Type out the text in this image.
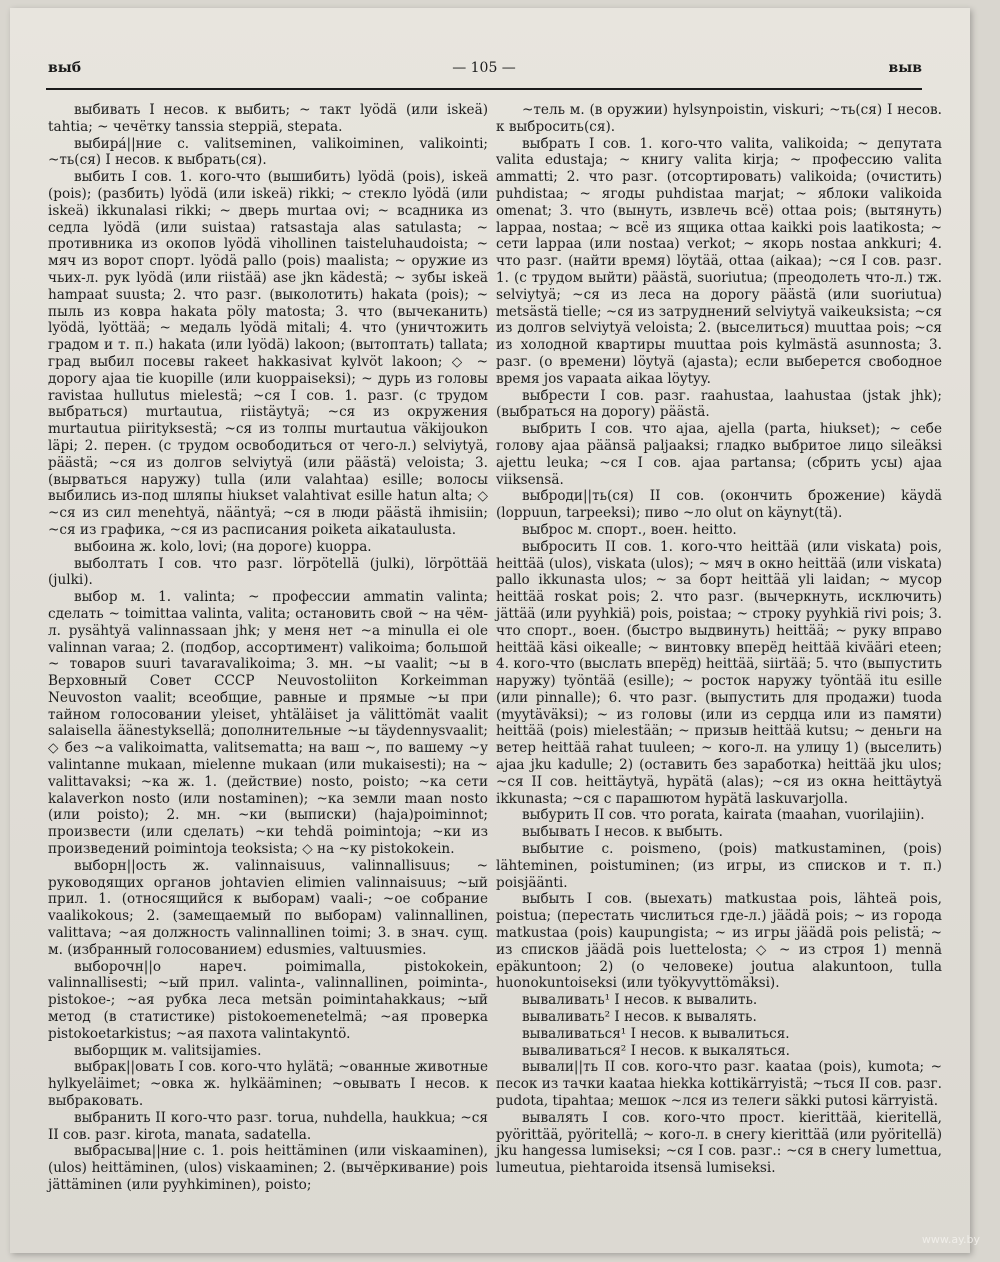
выб	— 105 —	выв

выбивать I несов. к выбить; ~ такт lyödä (или iskeä) tahtia; ~ чечётку tanssia steppiä, stepata.

выбира́||ние с. valitseminen, valikoiminen, valikointi; ~ть(ся) I несов. к выбрать(ся).

выбить I сов. 1. кого-что (вышибить) lyödä (pois), iskeä (pois); (разбить) lyödä (или iskeä) rikki; ~ стекло lyödä (или iskeä) ikkunalasi rikki; ~ дверь murtaa ovi; ~ всадника из седла lyödä (или suistaa) ratsastaja alas satulasta; ~ противника из окопов lyödä vihollinen taisteluhaudoista; ~ мяч из ворот спорт. lyödä pallo (pois) maalista; ~ оружие из чьих-л. рук lyödä (или riistää) ase jkn kädestä; ~ зубы iskeä hampaat suusta; 2. что разг. (выколотить) hakata (pois); ~ пыль из ковра hakata pöly matosta; 3. что (вычеканить) lyödä, lyöttää; ~ медаль lyödä mitali; 4. что (уничтожить градом и т. п.) hakata (или lyödä) lakoon; (вытоптать) tallata; град выбил посевы rakeet hakkasivat kylvöt lakoon; ◇ ~ дорогу ajaa tie kuopille (или kuoppaiseksi); ~ дурь из головы ravistaa hullutus mielestä; ~ся I сов. 1. разг. (с трудом выбраться) murtautua, riistäytyä; ~ся из окружения murtautua piirityksestä; ~ся из толпы murtautua väkijoukon läpi; 2. перен. (с трудом освободиться от чего-л.) selviytyä, päästä; ~ся из долгов selviytyä (или päästä) veloista; 3. (вырваться наружу) tulla (или valahtaa) esille; волосы выбились из-под шляпы hiukset valahtivat esille hatun alta; ◇ ~ся из сил menehtyä, nääntyä; ~ся в люди päästä ihmisiin; ~ся из графика, ~ся из расписания poiketa aikataulusta.

выбоина ж. kolo, lovi; (на дороге) kuoppa.

выболтать I сов. что разг. lörpötellä (julki), lörpöttää (julki).

выбор м. 1. valinta; ~ профессии ammatin valinta; сделать ~ toimittaa valinta, valita; остановить свой ~ на чём-л. pysähtyä valinnassaan jhk; у меня нет ~а minulla ei ole valinnan varaa; 2. (подбор, ассортимент) valikoima; большой ~ товаров suuri tavaravalikoima; 3. мн. ~ы vaalit; ~ы в Верховный Совет СССР Neuvostoliiton Korkeimman Neuvoston vaalit; всеобщие, равные и прямые ~ы при тайном голосовании yleiset, yhtäläiset ja välittömät vaalit salaisella äänestyksellä; дополнительные ~ы täydennysvaalit; ◇ без ~а valikoimatta, valitsematta; на ваш ~, по вашему ~у valintanne mukaan, mielenne mukaan (или mukaisesti); на ~ valittavaksi; ~ка ж. 1. (действие) nosto, poisto; ~ка сети kalaverkon nosto (или nostaminen); ~ка земли maan nosto (или poisto); 2. мн. ~ки (выписки) (haja)poiminnot; произвести (или сделать) ~ки tehdä poimintoja; ~ки из произведений poimintoja teoksista; ◇ на ~ку pistokokein.

выборн||ость ж. valinnaisuus, valinnallisuus; ~ руководящих органов johtavien elimien valinnaisuus; ~ый прил. 1. (относящийся к выборам) vaali-; ~ое собрание vaalikokous; 2. (замещаемый по выборам) valinnallinen, valittava; ~ая должность valinnallinen toimi; 3. в знач. сущ. м. (избранный голосованием) edusmies, valtuusmies.

выборочн||о нареч. poimimalla, pistokokein, valinnallisesti; ~ый прил. valinta-, valinnallinen, poiminta-, pistokoe-; ~ая рубка леса metsän poimintahakkaus; ~ый метод (в статистике) pistokoemenetelmä; ~ая проверка pistokoetarkistus; ~ая пахота valintakyntö.

выборщик м. valitsijamies.

выбрак||овать I сов. кого-что hylätä; ~ованные животные hylkyeläimet; ~овка ж. hylkääminen; ~овывать I несов. к выбраковать.

выбранить II кого-что разг. torua, nuhdella, haukkua; ~ся II сов. разг. kirota, manata, sadatella.

выбрасыва||ние с. 1. pois heittäminen (или viskaaminen), (ulos) heittäminen, (ulos) viskaaminen; 2. (вычёркивание) pois jättäminen (или pyyhkiminen), poisto;

~тель м. (в оружии) hylsynpoistin, viskuri; ~ть(ся) I несов. к выбросить(ся).

выбрать I сов. 1. кого-что valita, valikoida; ~ депутата valita edustaja; ~ книгу valita kirja; ~ профессию valita ammatti; 2. что разг. (отсортировать) valikoida; (очистить) puhdistaa; ~ ягоды puhdistaa marjat; ~ яблоки valikoida omenat; 3. что (вынуть, извлечь всё) ottaa pois; (вытянуть) lappaa, nostaa; ~ всё из ящика ottaa kaikki pois laatikosta; ~ сети lappaa (или nostaa) verkot; ~ якорь nostaa ankkuri; 4. что разг. (найти время) löytää, ottaa (aikaa); ~ся I сов. разг. 1. (с трудом выйти) päästä, suoriutua; (преодолеть что-л.) тж. selviytyä; ~ся из леса на дорогу päästä (или suoriutua) metsästä tielle; ~ся из затруднений selviytyä vaikeuksista; ~ся из долгов selviytyä veloista; 2. (выселиться) muuttaa pois; ~ся из холодной квартиры muuttaa pois kylmästä asunnosta; 3. разг. (о времени) löytyä (ajasta); если выберется свободное время jos vapaata aikaa löytyy.

выбрести I сов. разг. raahustaa, laahustaa (jstak jhk); (выбраться на дорогу) päästä.

выбрить I сов. что ajaa, ajella (parta, hiukset); ~ себе голову ajaa päänsä paljaaksi; гладко выбритое лицо sileäksi ajettu leuka; ~ся I сов. ajaa partansa; (сбрить усы) ajaa viiksensä.

выброди||ть(ся) II сов. (окончить брожение) käydä (loppuun, tarpeeksi); пиво ~ло olut on käynyt(tä).

выброс м. спорт., воен. heitto.

выбросить II сов. 1. кого-что heittää (или viskata) pois, heittää (ulos), viskata (ulos); ~ мяч в окно heittää (или viskata) pallo ikkunasta ulos; ~ за борт heittää yli laidan; ~ мусор heittää roskat pois; 2. что разг. (вычеркнуть, исключить) jättää (или pyyhkiä) pois, poistaa; ~ строку pyyhkiä rivi pois; 3. что спорт., воен. (быстро выдвинуть) heittää; ~ руку вправо heittää käsi oikealle; ~ винтовку вперёд heittää kivääri eteen; 4. кого-что (выслать вперёд) heittää, siirtää; 5. что (выпустить наружу) työntää (esille); ~ росток наружу työntää itu esille (или pinnalle); 6. что разг. (выпустить для продажи) tuoda (myytäväksi); ~ из головы (или из сердца или из памяти) heittää (pois) mielestään; ~ призыв heittää kutsu; ~ деньги на ветер heittää rahat tuuleen; ~ кого-л. на улицу 1) (выселить) ajaa jku kadulle; 2) (оставить без заработка) heittää jku ulos; ~ся II сов. heittäytyä, hypätä (alas); ~ся из окна heittäytyä ikkunasta; ~ся с парашютом hypätä laskuvarjolla.

выбурить II сов. что porata, kairata (maahan, vuorilajiin).

выбывать I несов. к выбыть.

выбытие с. poismeno, (pois) matkustaminen, (pois) lähteminen, poistuminen; (из игры, из списков и т. п.) poisjäänti.

выбыть I сов. (выехать) matkustaa pois, lähteä pois, poistua; (перестать числиться где-л.) jäädä pois; ~ из города matkustaa (pois) kaupungista; ~ из игры jäädä pois pelistä; ~ из списков jäädä pois luettelosta; ◇ ~ из строя 1) mennä epäkuntoon; 2) (о человеке) joutua alakuntoon, tulla huonokuntoiseksi (или työkyvyttömäksi).

вываливать¹ I несов. к вывалить.

вываливать² I несов. к вывалять.

вываливаться¹ I несов. к вывалиться.

вываливаться² I несов. к выкаляться.

вывали||ть II сов. кого-что разг. kaataa (pois), kumota; ~ песок из тачки kaataa hiekka kottikärryistä; ~ться II сов. разг. pudota, tipahtaa; мешок ~лся из телеги säkki putosi kärryistä.

вывалять I сов. кого-что прост. kierittää, kieritellä, pyörittää, pyöritellä; ~ кого-л. в снегу kierittää (или pyöritellä) jku hangessa lumiseksi; ~ся I сов. разг.: ~ся в снегу lumettua, lumeutua, piehtaroida itsensä lumiseksi.

www.ay.by
